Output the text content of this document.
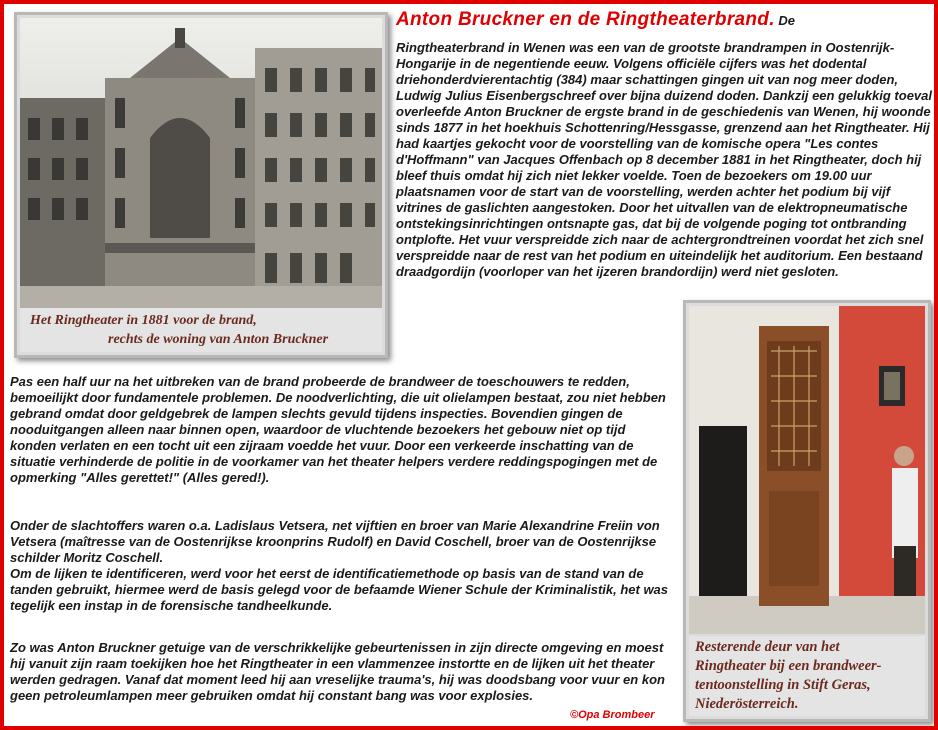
Het Ringtheater in 1881 voor de brand,
rechts de woning van Anton Bruckner

Anton Bruckner en de Ringtheaterbrand. De

Ringtheaterbrand in Wenen was een van de grootste brandrampen in Oostenrijk-Hongarije in de negentiende eeuw. Volgens officiële cijfers was het dodental driehonderdvierentachtig (384) maar schattingen gingen uit van nog meer doden, Ludwig Julius Eisenbergschreef over bijna duizend doden. Dankzij een gelukkig toeval overleefde Anton Bruckner de ergste brand in de geschiedenis van Wenen, hij woonde sinds 1877 in het hoekhuis Schottenring/Hessgasse, grenzend aan het Ringtheater. Hij had kaartjes gekocht voor de voorstelling van de komische opera "Les contes d'Hoffmann" van Jacques Offenbach op 8 december 1881 in het Ringtheater, doch hij bleef thuis omdat hij zich niet lekker voelde. Toen de bezoekers om 19.00 uur plaatsnamen voor de start van de voorstelling, werden achter het podium bij vijf vitrines de gaslichten aangestoken. Door het uitvallen van de elektropneumatische ontstekingsinrichtingen ontsnapte gas, dat bij de volgende poging tot ontbranding ontplofte. Het vuur verspreidde zich naar de achtergrondtreinen voordat het zich snel verspreidde naar de rest van het podium en uiteindelijk het auditorium. Een bestaand draadgordijn (voorloper van het ijzeren brandordijn) werd niet gesloten.

Resterende deur van het
Ringtheater bij een brandweer-
tentoonstelling in Stift Geras,
Niederösterreich.

Pas een half uur na het uitbreken van de brand probeerde de brandweer de toeschouwers te redden, bemoeilijkt door fundamentele problemen. De noodverlichting, die uit olielampen bestaat, zou niet hebben gebrand omdat door geldgebrek de lampen slechts gevuld tijdens inspecties. Bovendien gingen de nooduitgangen alleen naar binnen open, waardoor de vluchtende bezoekers het gebouw niet op tijd konden verlaten en een tocht uit een zijraam voedde het vuur. Door een verkeerde inschatting van de situatie verhinderde de politie in de voorkamer van het theater helpers verdere reddingspogingen met de opmerking "Alles gerettet!" (Alles gered!).

Onder de slachtoffers waren o.a. Ladislaus Vetsera, net vijftien en broer van Marie Alexandrine Freiin von Vetsera (maîtresse van de Oostenrijkse kroonprins Rudolf) en David Coschell, broer van de Oostenrijkse schilder Moritz Coschell.

Om de lijken te identificeren, werd voor het eerst de identificatiemethode op basis van de stand van de tanden gebruikt, hiermee werd de basis gelegd voor de befaamde Wiener Schule der Kriminalistik, het was tegelijk een instap in de forensische tandheelkunde.

Zo was Anton Bruckner getuige van de verschrikkelijke gebeurtenissen in zijn directe omgeving en moest hij vanuit zijn raam toekijken hoe het Ringtheater in een vlammenzee instortte en de lijken uit het theater werden gedragen. Vanaf dat moment leed hij aan vreselijke trauma's, hij was doodsbang voor vuur en kon geen petroleumlampen meer gebruiken omdat hij constant bang was voor explosies.

©Opa Brombeer
